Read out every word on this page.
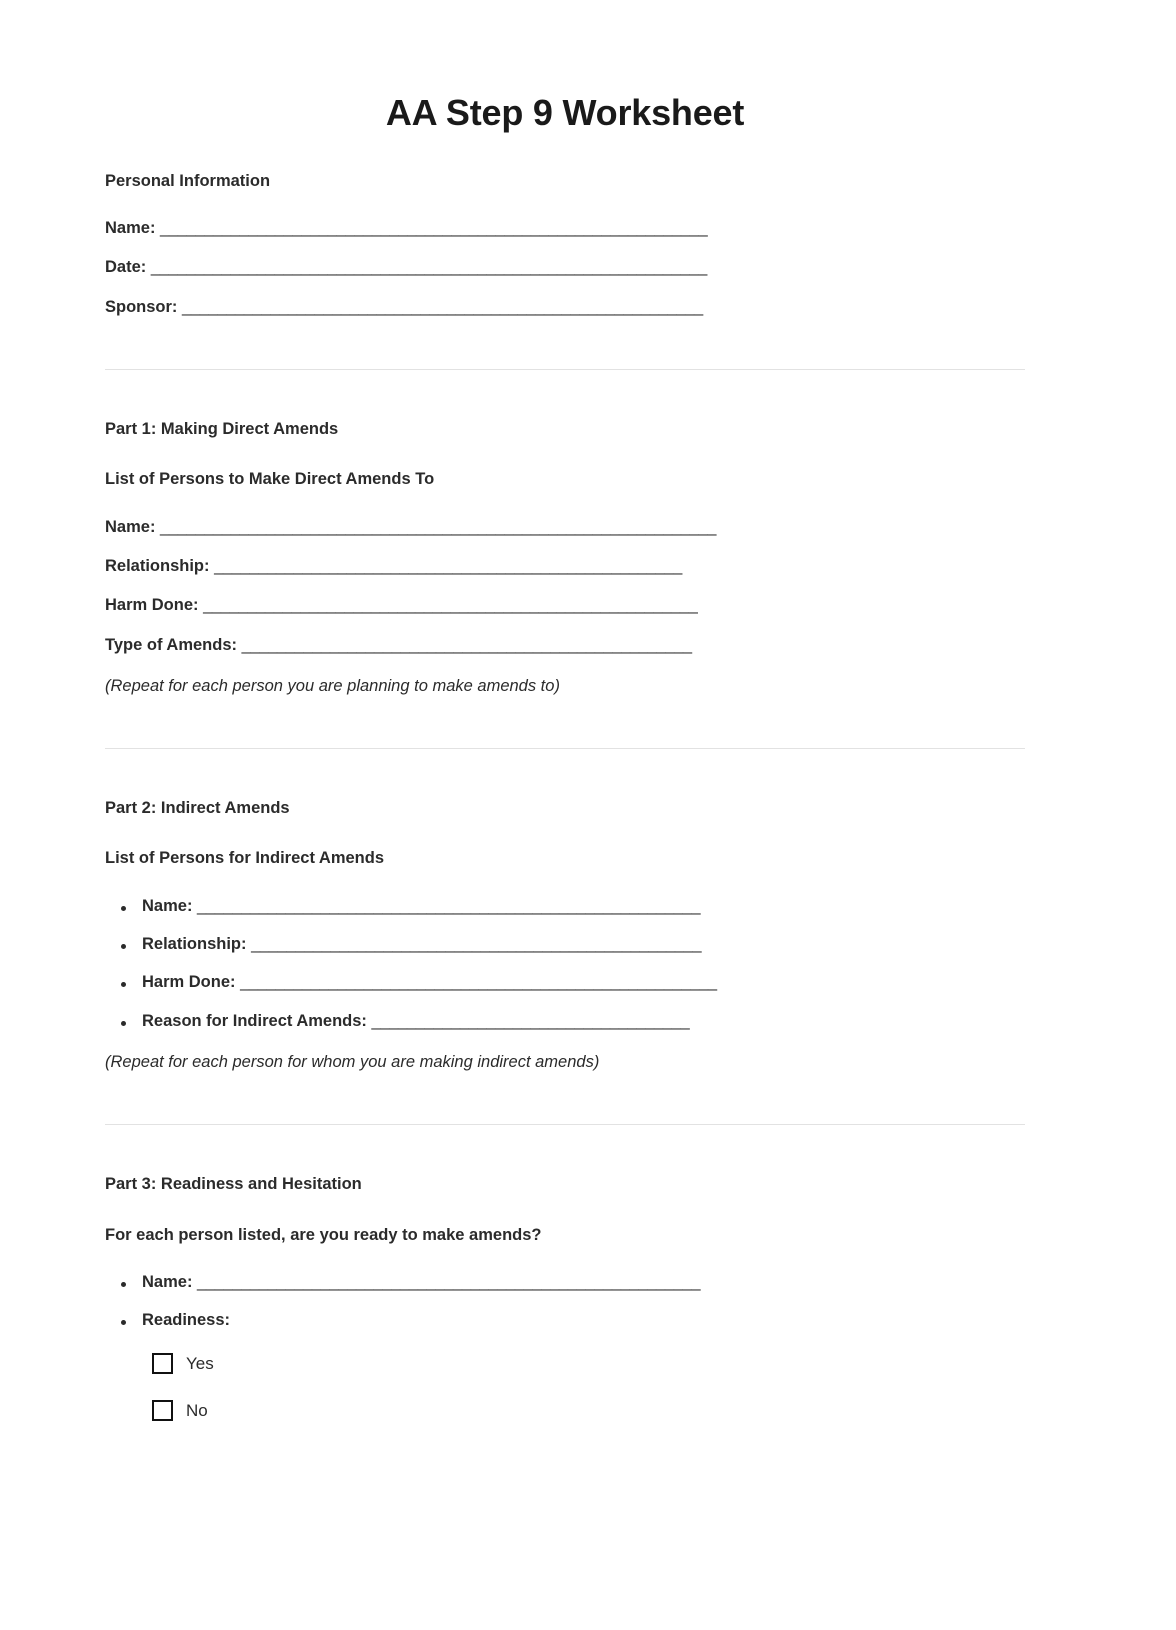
AA Step 9 Worksheet
Personal Information
Name: ______________________________________________________________
Date: _______________________________________________________________
Sponsor: ___________________________________________________________
Part 1: Making Direct Amends
List of Persons to Make Direct Amends To
Name: _______________________________________________________________
Relationship: _____________________________________________________
Harm Done: ________________________________________________________
Type of Amends: ___________________________________________________
(Repeat for each person you are planning to make amends to)
Part 2: Indirect Amends
List of Persons for Indirect Amends
Name: _________________________________________________________
Relationship: ___________________________________________________
Harm Done: ______________________________________________________
Reason for Indirect Amends: ____________________________________
(Repeat for each person for whom you are making indirect amends)
Part 3: Readiness and Hesitation
For each person listed, are you ready to make amends?
Name: _________________________________________________________
Readiness:
Yes
No
